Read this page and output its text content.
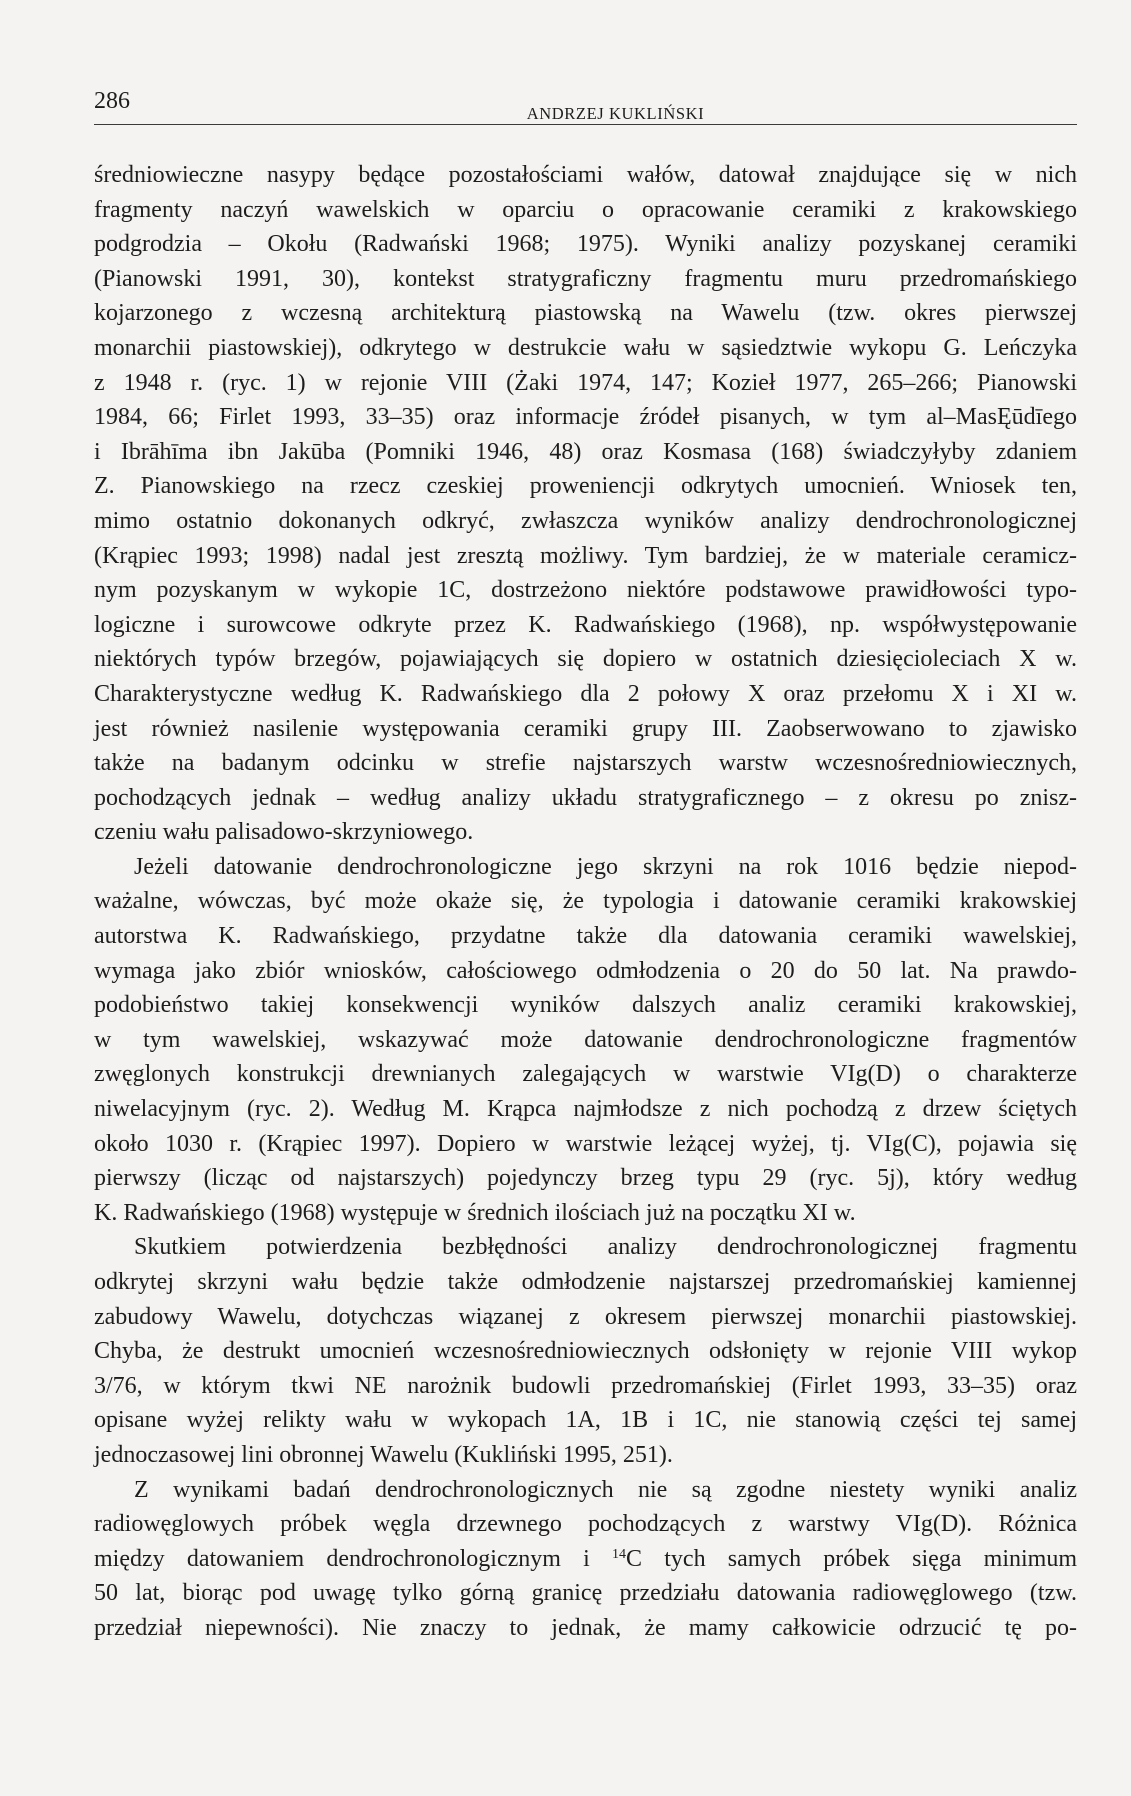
286	ANDRZEJ KUKLIŃSKI
średniowieczne nasypy będące pozostałościami wałów, datował znajdujące się w nich
fragmenty naczyń wawelskich w oparciu o opracowanie ceramiki z krakowskiego
podgrodzia – Okołu (Radwański 1968; 1975). Wyniki analizy pozyskanej ceramiki
(Pianowski 1991, 30), kontekst stratygraficzny fragmentu muru przedromańskiego
kojarzonego z wczesną architekturą piastowską na Wawelu (tzw. okres pierwszej
monarchii piastowskiej), odkrytego w destrukcie wału w sąsiedztwie wykopu G. Leńczyka
z 1948 r. (ryc. 1) w rejonie VIII (Żaki 1974, 147; Kozieł 1977, 265–266; Pianowski
1984, 66; Firlet 1993, 33–35) oraz informacje źródeł pisanych, w tym al–MasĘūdīego
i Ibrāhīma ibn Jakūba (Pomniki 1946, 48) oraz Kosmasa (168) świadczyłyby zdaniem
Z. Pianowskiego na rzecz czeskiej proweniencji odkrytych umocnień. Wniosek ten,
mimo ostatnio dokonanych odkryć, zwłaszcza wyników analizy dendrochronologicznej
(Krąpiec 1993; 1998) nadal jest zresztą możliwy. Tym bardziej, że w materiale ceramicz-
nym pozyskanym w wykopie 1C, dostrzeżono niektóre podstawowe prawidłowości typo-
logiczne i surowcowe odkryte przez K. Radwańskiego (1968), np. współwystępowanie
niektórych typów brzegów, pojawiających się dopiero w ostatnich dziesięcioleciach X w.
Charakterystyczne według K. Radwańskiego dla 2 połowy X oraz przełomu X i XI w.
jest również nasilenie występowania ceramiki grupy III. Zaobserwowano to zjawisko
także na badanym odcinku w strefie najstarszych warstw wczesnośredniowiecznych,
pochodzących jednak – według analizy układu stratygraficznego – z okresu po znisz-
czeniu wału palisadowo-skrzyniowego.
Jeżeli datowanie dendrochronologiczne jego skrzyni na rok 1016 będzie niepod-
ważalne, wówczas, być może okaże się, że typologia i datowanie ceramiki krakowskiej
autorstwa K. Radwańskiego, przydatne także dla datowania ceramiki wawelskiej,
wymaga jako zbiór wniosków, całościowego odmłodzenia o 20 do 50 lat. Na prawdo-
podobieństwo takiej konsekwencji wyników dalszych analiz ceramiki krakowskiej,
w tym wawelskiej, wskazywać może datowanie dendrochronologiczne fragmentów
zwęglonych konstrukcji drewnianych zalegających w warstwie VIg(D) o charakterze
niwelacyjnym (ryc. 2). Według M. Krąpca najmłodsze z nich pochodzą z drzew ściętych
około 1030 r. (Krąpiec 1997). Dopiero w warstwie leżącej wyżej, tj. VIg(C), pojawia się
pierwszy (licząc od najstarszych) pojedynczy brzeg typu 29 (ryc. 5j), który według
K. Radwańskiego (1968) występuje w średnich ilościach już na początku XI w.
Skutkiem potwierdzenia bezbłędności analizy dendrochronologicznej fragmentu
odkrytej skrzyni wału będzie także odmłodzenie najstarszej przedromańskiej kamiennej
zabudowy Wawelu, dotychczas wiązanej z okresem pierwszej monarchii piastowskiej.
Chyba, że destrukt umocnień wczesnośredniowiecznych odsłonięty w rejonie VIII wykop
3/76, w którym tkwi NE narożnik budowli przedromańskiej (Firlet 1993, 33–35) oraz
opisane wyżej relikty wału w wykopach 1A, 1B i 1C, nie stanowią części tej samej
jednoczasowej lini obronnej Wawelu (Kukliński 1995, 251).
Z wynikami badań dendrochronologicznych nie są zgodne niestety wyniki analiz
radiowęglowych próbek węgla drzewnego pochodzących z warstwy VIg(D). Różnica
między datowaniem dendrochronologicznym i $^{14}$C tych samych próbek sięga minimum
50 lat, biorąc pod uwagę tylko górną granicę przedziału datowania radiowęglowego (tzw.
przedział niepewności). Nie znaczy to jednak, że mamy całkowicie odrzucić tę po-
